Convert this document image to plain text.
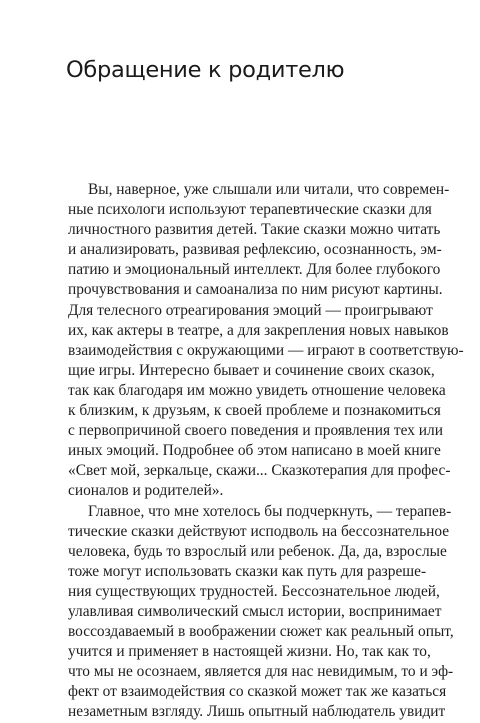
Обращение к родителю
Вы, наверное, уже слышали или читали, что современ-
ные психологи используют терапевтические сказки для
личностного развития детей. Такие сказки можно читать
и анализировать, развивая рефлексию, осознанность, эм-
патию и эмоциональный интеллект. Для более глубокого
прочувствования и самоанализа по ним рисуют картины.
Для телесного отреагирования эмоций — проигрывают
их, как актеры в театре, а для закрепления новых навыков
взаимодействия с окружающими — играют в соответствую-
щие игры. Интересно бывает и сочинение своих сказок,
так как благодаря им можно увидеть отношение человека
к близким, к друзьям, к своей проблеме и познакомиться
с первопричиной своего поведения и проявления тех или
иных эмоций. Подробнее об этом написано в моей книге
«Свет мой, зеркальце, скажи... Сказкотерапия для профес-
сионалов и родителей».
Главное, что мне хотелось бы подчеркнуть, — терапев-
тические сказки действуют исподволь на бессознательное
человека, будь то взрослый или ребенок. Да, да, взрослые
тоже могут использовать сказки как путь для разреше-
ния существующих трудностей. Бессознательное людей,
улавливая символический смысл истории, воспринимает
воссоздаваемый в воображении сюжет как реальный опыт,
учится и применяет в настоящей жизни. Но, так как то,
что мы не осознаем, является для нас невидимым, то и эф-
фект от взаимодействия со сказкой может так же казаться
незаметным взгляду. Лишь опытный наблюдатель увидит
